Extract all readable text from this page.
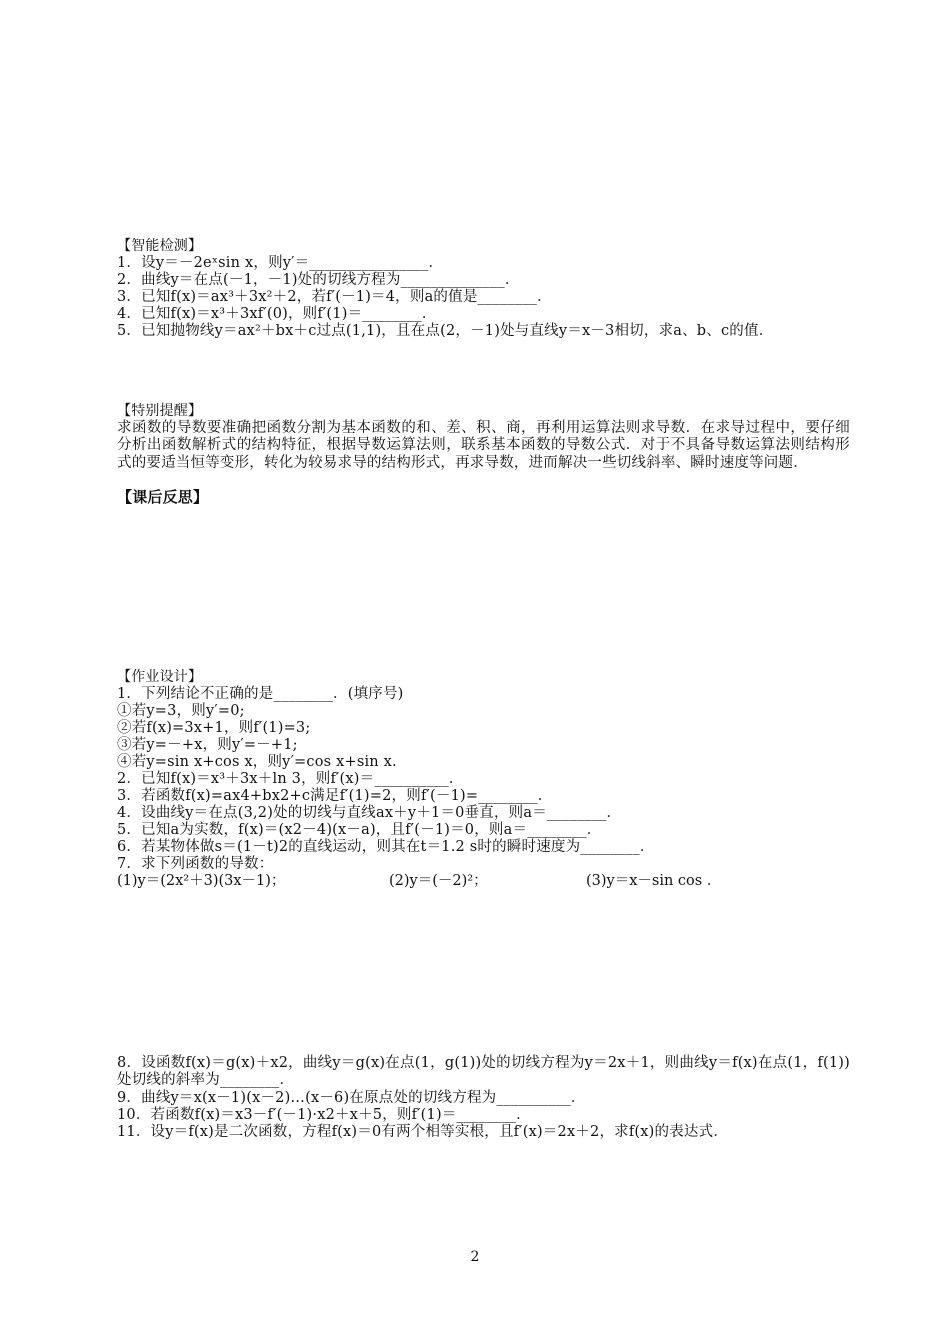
【智能检测】
1．设y＝－2eˣsin x，则y′＝________________．
2．曲线y＝在点(－1，－1)处的切线方程为______________．
3．已知f(x)＝ax³＋3x²＋2，若f′(－1)＝4，则a的值是________．
4．已知f(x)＝x³＋3xf′(0)，则f′(1)＝________．
5．已知抛物线y＝ax²＋bx＋c过点(1,1)，且在点(2，－1)处与直线y＝x－3相切，求a、b、c的值．
【特别提醒】
求函数的导数要准确把函数分割为基本函数的和、差、积、商，再利用运算法则求导数．在求导过程中，要仔细分析出函数解析式的结构特征，根据导数运算法则，联系基本函数的导数公式．对于不具备导数运算法则结构形式的要适当恒等变形，转化为较易求导的结构形式，再求导数，进而解决一些切线斜率、瞬时速度等问题．
【课后反思】
【作业设计】
1．下列结论不正确的是________．(填序号)
①若y=3，则y′=0;
②若f(x)=3x+1，则f′(1)=3;
③若y=－+x，则y′=－+1;
④若y=sin x+cos x，则y′=cos x+sin x.
2．已知f(x)＝x³＋3x＋ln 3，则f′(x)＝__________．
3．若函数f(x)=ax4+bx2+c满足f′(1)=2，则f′(－1)=________．
4．设曲线y＝在点(3,2)处的切线与直线ax＋y＋1＝0垂直，则a＝________．
5．已知a为实数，f(x)＝(x2－4)(x－a)，且f′(－1)＝0，则a＝________．
6．若某物体做s＝(1－t)2的直线运动，则其在t＝1.2 s时的瞬时速度为________．
7．求下列函数的导数：
(1)y＝(2x²＋3)(3x－1)；	(2)y＝(－2)²；	(3)y＝x－sin cos ．
8．设函数f(x)＝g(x)＋x2，曲线y＝g(x)在点(1，g(1))处的切线方程为y＝2x＋1，则曲线y＝f(x)在点(1，f(1))处切线的斜率为________．
9．曲线y＝x(x－1)(x－2)…(x－6)在原点处的切线方程为__________．
10．若函数f(x)＝x3－f′(－1)·x2＋x＋5，则f′(1)＝________．
11．设y＝f(x)是二次函数，方程f(x)＝0有两个相等实根，且f′(x)＝2x＋2，求f(x)的表达式．
2
